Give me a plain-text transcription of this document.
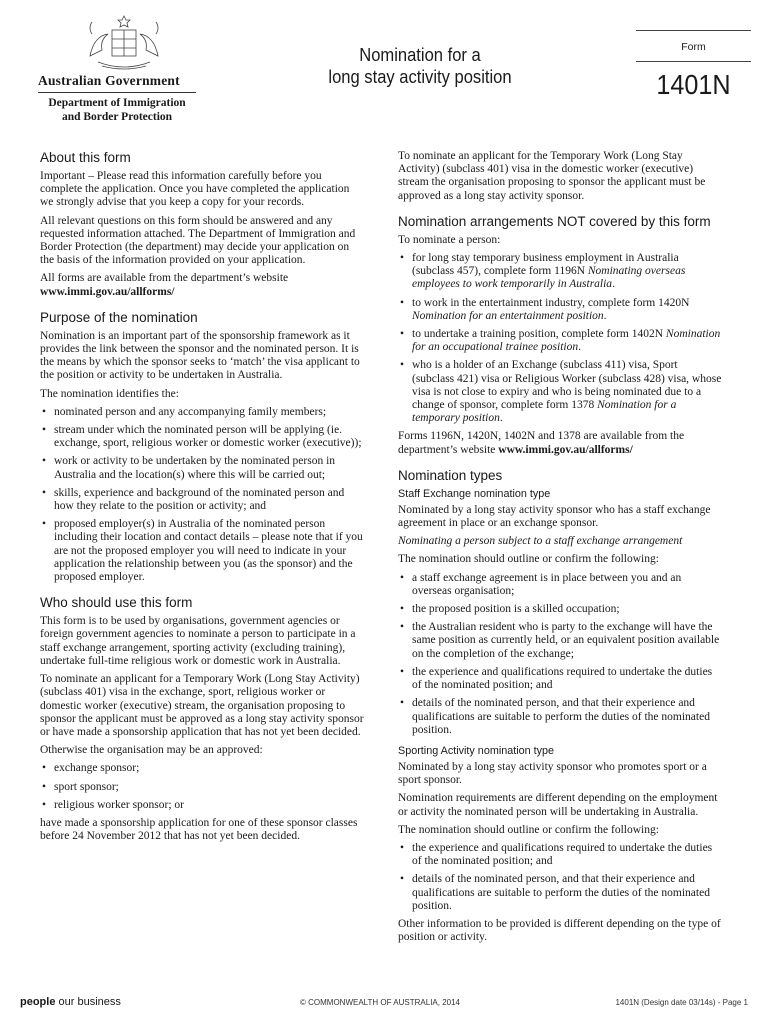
Australian Government
Department of Immigration
and Border Protection
Nomination for a
long stay activity position
Form
1401N
About this form

Important – Please read this information carefully before you complete the application. Once you have completed the application we strongly advise that you keep a copy for your records.

All relevant questions on this form should be answered and any requested information attached. The Department of Immigration and Border Protection (the department) may decide your application on the basis of the information provided on your application.

All forms are available from the department’s website
www.immi.gov.au/allforms/

Purpose of the nomination

Nomination is an important part of the sponsorship framework as it provides the link between the sponsor and the nominated person. It is the means by which the sponsor seeks to ‘match’ the visa applicant to the position or activity to be undertaken in Australia.

The nomination identifies the:

• nominated person and any accompanying family members;
• stream under which the nominated person will be applying (ie. exchange, sport, religious worker or domestic worker (executive));
• work or activity to be undertaken by the nominated person in Australia and the location(s) where this will be carried out;
• skills, experience and background of the nominated person and how they relate to the position or activity; and
• proposed employer(s) in Australia of the nominated person including their location and contact details – please note that if you are not the proposed employer you will need to indicate in your application the relationship between you (as the sponsor) and the proposed employer.
Who should use this form

This form is to be used by organisations, government agencies or foreign government agencies to nominate a person to participate in a staff exchange arrangement, sporting activity (excluding training), undertake full-time religious work or domestic work in Australia.

To nominate an applicant for a Temporary Work (Long Stay Activity) (subclass 401) visa in the exchange, sport, religious worker or domestic worker (executive) stream, the organisation proposing to sponsor the applicant must be approved as a long stay activity sponsor or have made a sponsorship application that has not yet been decided.

Otherwise the organisation may be an approved:

• exchange sponsor;
• sport sponsor;
• religious worker sponsor; or

have made a sponsorship application for one of these sponsor classes before 24 November 2012 that has not yet been decided.

To nominate an applicant for the Temporary Work (Long Stay Activity) (subclass 401) visa in the domestic worker (executive) stream the organisation proposing to sponsor the applicant must be approved as a long stay activity sponsor.

Nomination arrangements NOT covered by this form

To nominate a person:

• for long stay temporary business employment in Australia (subclass 457), complete form 1196N Nominating overseas employees to work temporarily in Australia.
• to work in the entertainment industry, complete form 1420N Nomination for an entertainment position.
• to undertake a training position, complete form 1402N Nomination for an occupational trainee position.
• who is a holder of an Exchange (subclass 411) visa, Sport (subclass 421) visa or Religious Worker (subclass 428) visa, whose visa is not close to expiry and who is being nominated due to a change of sponsor, complete form 1378 Nomination for a temporary position.

Forms 1196N, 1420N, 1402N and 1378 are available from the department’s website www.immi.gov.au/allforms/

Nomination types
Staff Exchange nomination type

Nominated by a long stay activity sponsor who has a staff exchange agreement in place or an exchange sponsor.

Nominating a person subject to a staff exchange arrangement

The nomination should outline or confirm the following:

• a staff exchange agreement is in place between you and an overseas organisation;
• the proposed position is a skilled occupation;
• the Australian resident who is party to the exchange will have the same position as currently held, or an equivalent position available on the completion of the exchange;
• the experience and qualifications required to undertake the duties of the nominated position; and
• details of the nominated person, and that their experience and qualifications are suitable to perform the duties of the nominated position.
Sporting Activity nomination type

Nominated by a long stay activity sponsor who promotes sport or a sport sponsor.

Nomination requirements are different depending on the employment or activity the nominated person will be undertaking in Australia.

The nomination should outline or confirm the following:

• the experience and qualifications required to undertake the duties of the nominated position; and
• details of the nominated person, and that their experience and qualifications are suitable to perform the duties of the nominated position.

Other information to be provided is different depending on the type of position or activity.

people our business	© COMMONWEALTH OF AUSTRALIA, 2014	1401N (Design date 03/14s) - Page 1
